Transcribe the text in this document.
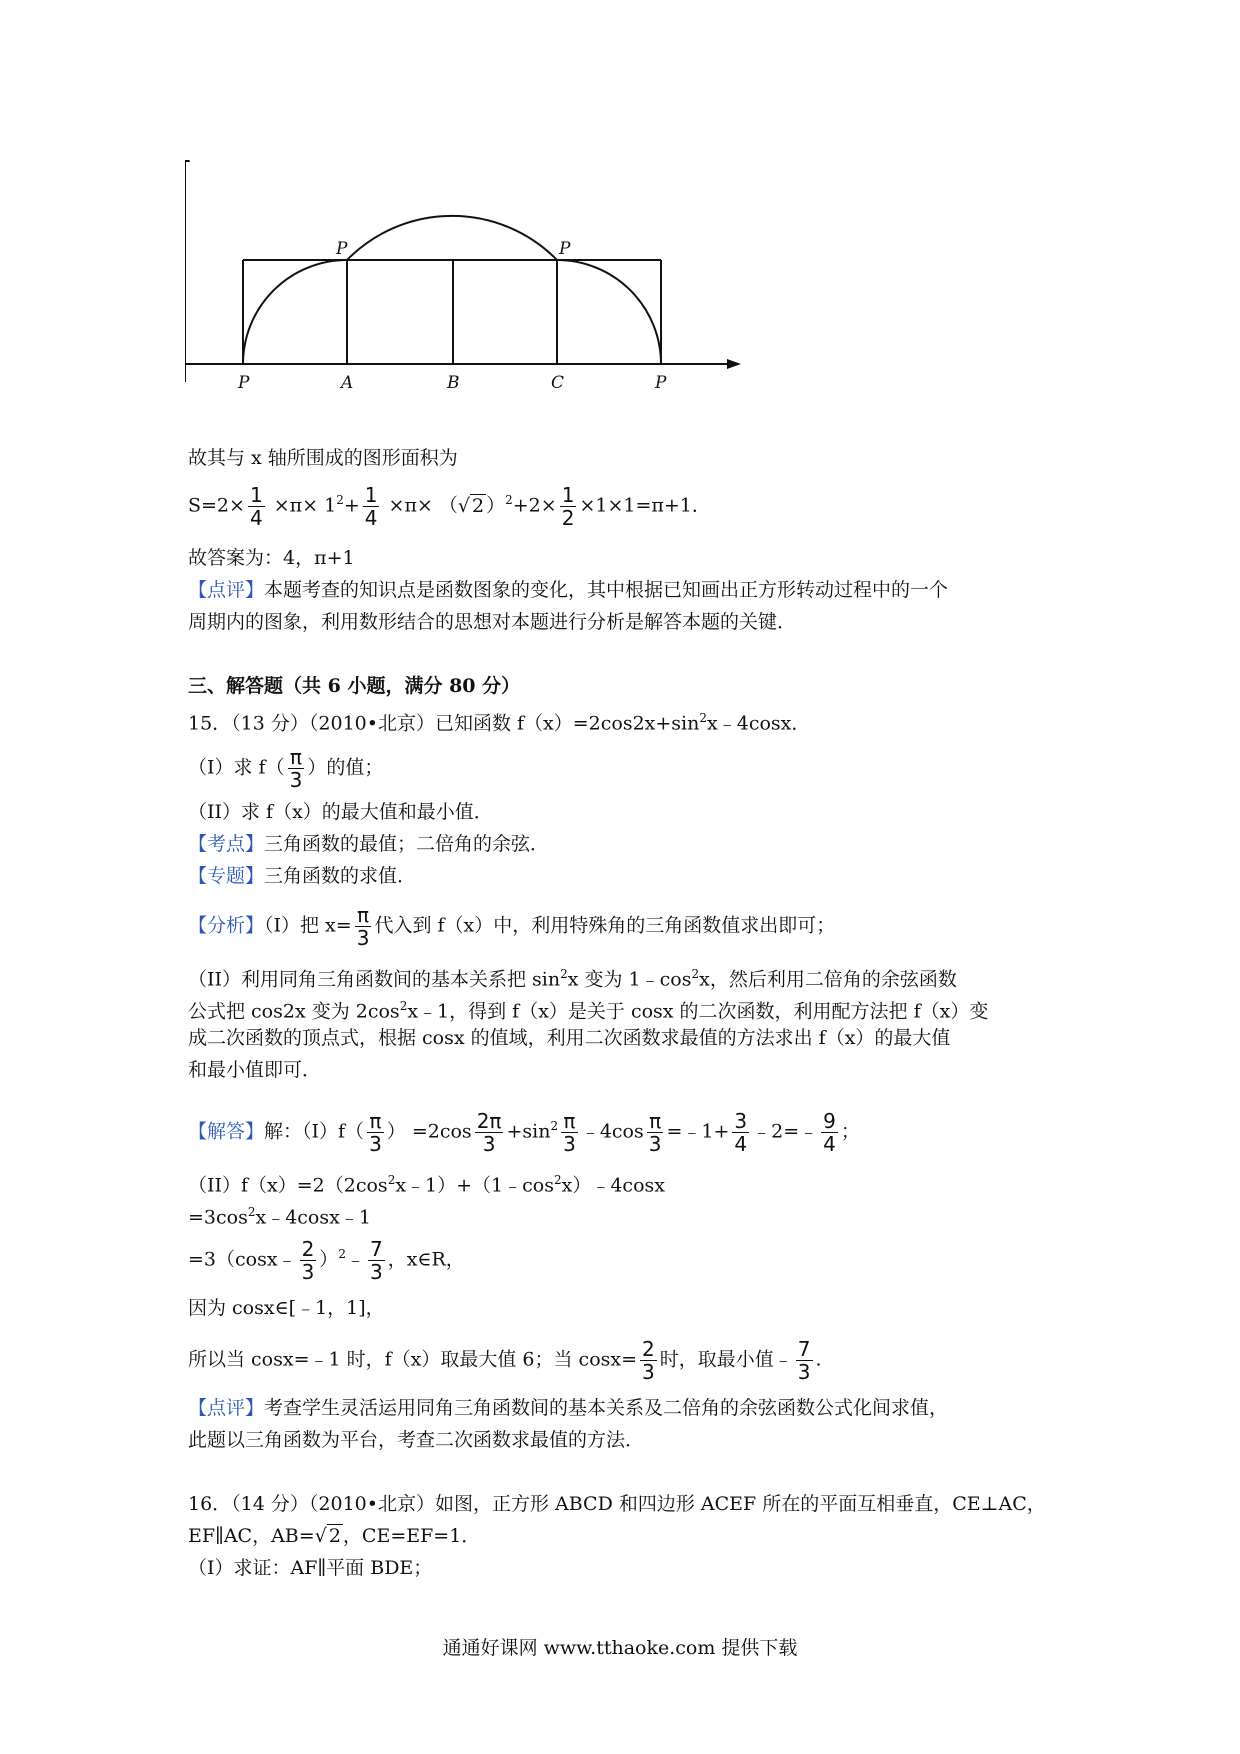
P	P
P	A	B	C	P
故其与 x 轴所围成的图形面积为
$S=2\times \frac{1}{4} \times\pi\times 1^2+ \frac{1}{4} \times\pi\times$ （√ 2 ）$^2+2\times \frac{1}{2} \times 1\times 1=\pi+1$．
故答案为：4，π+1
【点评】本题考查的知识点是函数图象的变化，其中根据已知画出正方形转动过程中的一个
周期内的图象，利用数形结合的思想对本题进行分析是解答本题的关键．
三、解答题（共 6 小题，满分 80 分）
15．（13 分）（2010•北京）已知函数 $f(x)=2\cos 2x+\sin^2x﹣4\cos x$．
（I）求 $f( \frac{\pi}{3}$ ）的值；
（II）求 f（x）的最大值和最小值．
【考点】三角函数的最值；二倍角的余弦．
【专题】三角函数的求值．
【分析】（I）把 $x= \frac{\pi}{3}$ 代入到 f（x）中，利用特殊角的三角函数值求出即可；
（II）利用同角三角函数间的基本关系把 $\sin^2x$ 变为 $1﹣\cos^2x$，然后利用二倍角的余弦函数
公式把 cos2x 变为 $2\cos^2x﹣1$，得到 f（x）是关于 cosx 的二次函数，利用配方法把 f（x）变
成二次函数的顶点式，根据 cosx 的值域，利用二次函数求最值的方法求出 f（x）的最大值
和最小值即可．
【解答】解：$(I)f( \frac{\pi}{3}$ ） $=2\cos \frac{2\pi}{3} +\sin^2 \frac{\pi}{3}$ ﹣4cos $\frac{\pi}{3}$ =﹣1+ $\frac{3}{4}$ ﹣2=﹣ $\frac{9}{4}$ ；
$(II)f(x)=2(2\cos^2x﹣1)+(1﹣\cos^2x)﹣4\cos x$
$=3\cos^2x﹣4\cos x﹣1$
=3（cosx﹣ $\frac{2}{3}$ ）$^2$﹣ $\frac{7}{3}$ ，x∈R，
因为 cosx∈[﹣1，1]，
所以当 cosx=﹣1 时，f（x）取最大值 6；当 $\cos x= \frac{2}{3}$ 时，取最小值﹣ $\frac{7}{3}$ .
【点评】考查学生灵活运用同角三角函数间的基本关系及二倍角的余弦函数公式化间求值，
此题以三角函数为平台，考查二次函数求最值的方法．
16．（14 分）（2010•北京）如图，正方形 ABCD 和四边形 ACEF 所在的平面互相垂直，CE⊥AC，
EF∥AC，AB=√ 2 ，CE=EF=1．
（I）求证：AF∥平面 BDE；
通通好课网 www.tthaoke.com 提供下载
